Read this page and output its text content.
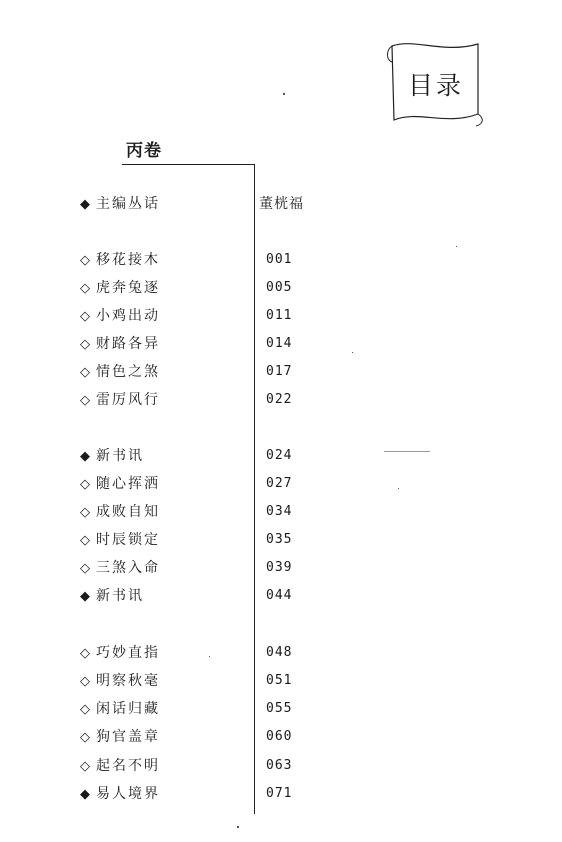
目录
丙卷
◆ 主编丛话	董桄福
◇ 移花接木	001
◇ 虎奔兔逐	005
◇ 小鸡出动	011
◇ 财路各异	014
◇ 情色之煞	017
◇ 雷厉风行	022
◆ 新书讯	024
◇ 随心挥洒	027
◇ 成败自知	034
◇ 时辰锁定	035
◇ 三煞入命	039
◆ 新书讯	044
◇ 巧妙直指	048
◇ 明察秋毫	051
◇ 闲话归藏	055
◇ 狗官盖章	060
◇ 起名不明	063
◆ 易人境界	071
